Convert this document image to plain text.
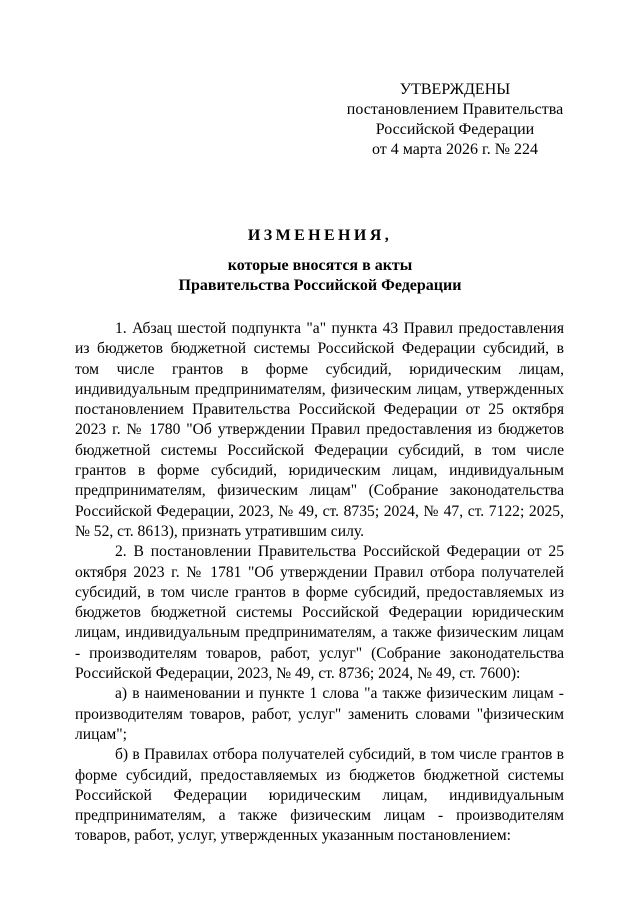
УТВЕРЖДЕНЫ
постановлением Правительства
Российской Федерации
от 4 марта 2026 г. № 224
ИЗМЕНЕНИЯ,
которые вносятся в акты
Правительства Российской Федерации

1. Абзац шестой подпункта "а" пункта 43 Правил предоставления из бюджетов бюджетной системы Российской Федерации субсидий, в том числе грантов в форме субсидий, юридическим лицам, индивидуальным предпринимателям, физическим лицам, утвержденных постановлением Правительства Российской Федерации от 25 октября 2023 г. № 1780 "Об утверждении Правил предоставления из бюджетов бюджетной системы Российской Федерации субсидий, в том числе грантов в форме субсидий, юридическим лицам, индивидуальным предпринимателям, физическим лицам" (Собрание законодательства Российской Федерации, 2023, № 49, ст. 8735; 2024, № 47, ст. 7122; 2025, № 52, ст. 8613), признать утратившим силу.

2. В постановлении Правительства Российской Федерации от 25 октября 2023 г. № 1781 "Об утверждении Правил отбора получателей субсидий, в том числе грантов в форме субсидий, предоставляемых из бюджетов бюджетной системы Российской Федерации юридическим лицам, индивидуальным предпринимателям, а также физическим лицам - производителям товаров, работ, услуг" (Собрание законодательства Российской Федерации, 2023, № 49, ст. 8736; 2024, № 49, ст. 7600):

а) в наименовании и пункте 1 слова "а также физическим лицам - производителям товаров, работ, услуг" заменить словами "физическим лицам";

б) в Правилах отбора получателей субсидий, в том числе грантов в форме субсидий, предоставляемых из бюджетов бюджетной системы Российской Федерации юридическим лицам, индивидуальным предпринимателям, а также физическим лицам - производителям товаров, работ, услуг, утвержденных указанным постановлением:
